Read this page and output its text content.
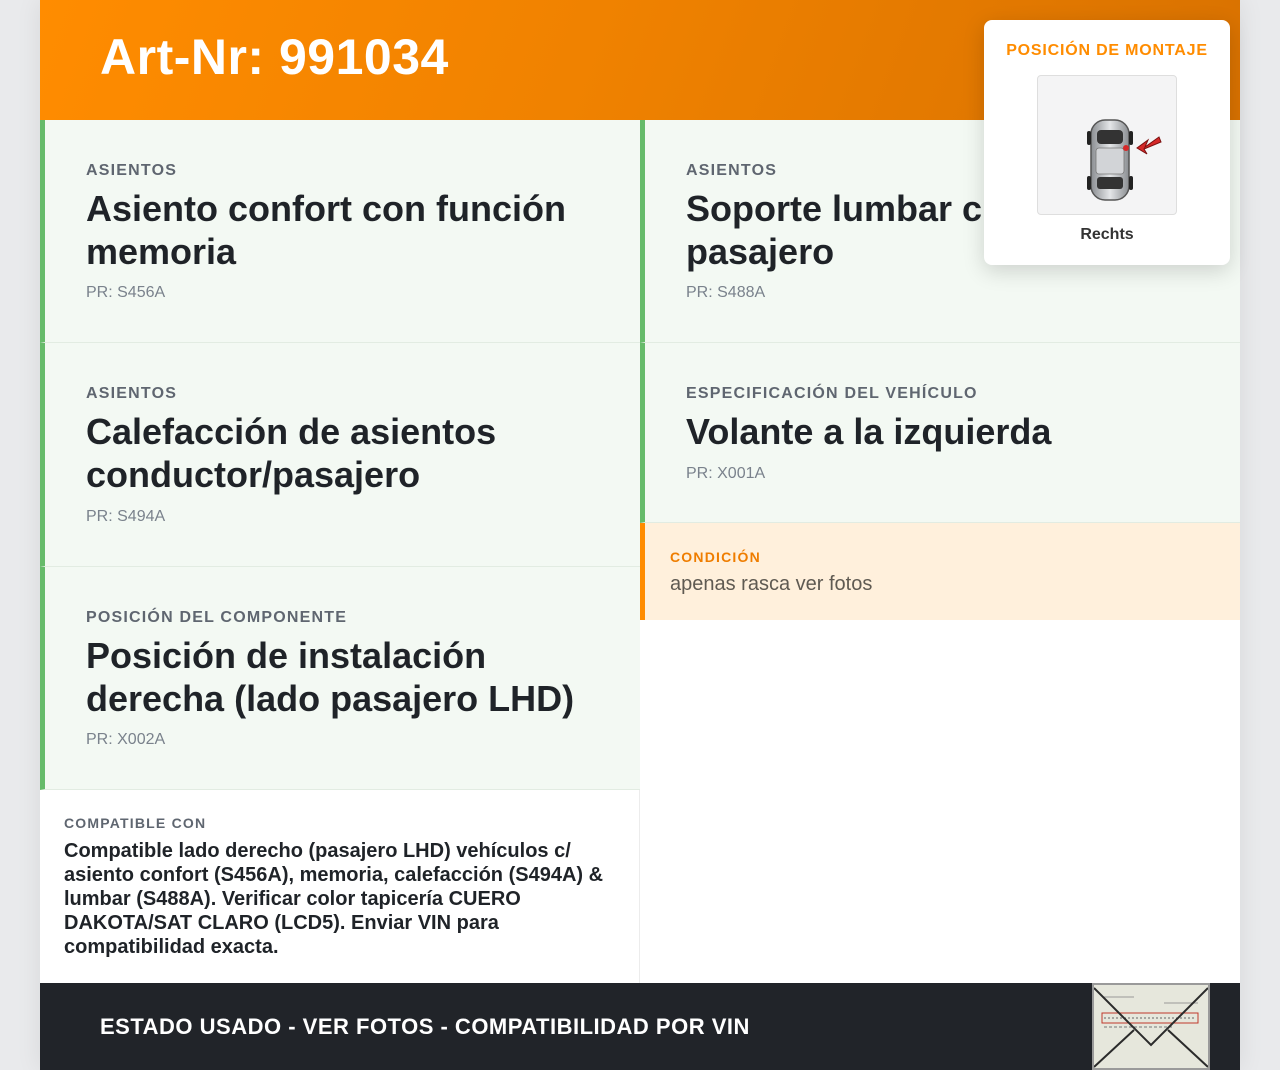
Art-Nr: 991034
ASIENTOS
Asiento confort con función memoria
PR: S456A
ASIENTOS
Soporte lumbar c pasajero
PR: S488A
ASIENTOS
Calefacción de asientos conductor/pasajero
PR: S494A
ESPECIFICACIÓN DEL VEHÍCULO
Volante a la izquierda
PR: X001A
POSICIÓN DEL COMPONENTE
Posición de instalación derecha (lado pasajero LHD)
PR: X002A
CONDICIÓN
apenas rasca ver fotos
COMPATIBLE CON
Compatible lado derecho (pasajero LHD) vehículos c/ asiento confort (S456A), memoria, calefacción (S494A) & lumbar (S488A). Verificar color tapicería CUERO DAKOTA/SAT CLARO (LCD5). Enviar VIN para compatibilidad exacta.
ESTADO USADO - VER FOTOS - COMPATIBILIDAD POR VIN
POSICIÓN DE MONTAJE
Rechts
